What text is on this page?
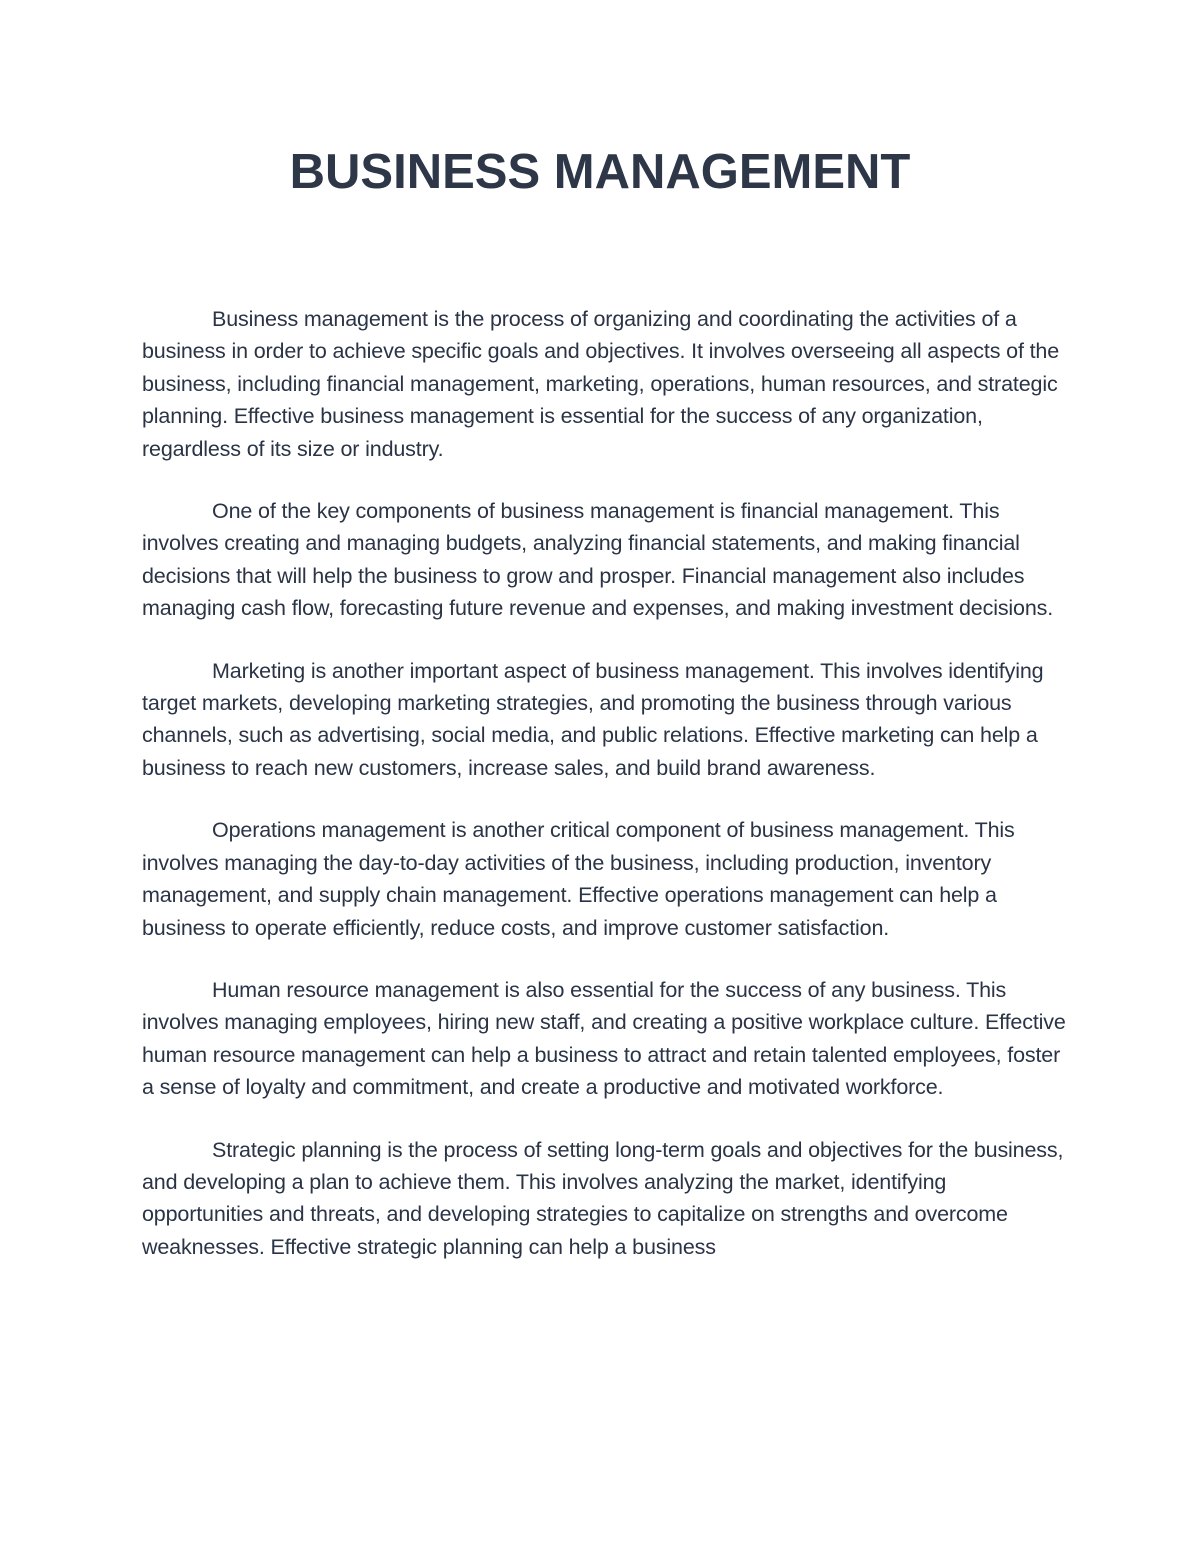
BUSINESS MANAGEMENT

Business management is the process of organizing and coordinating the activities of a business in order to achieve specific goals and objectives. It involves overseeing all aspects of the business, including financial management, marketing, operations, human resources, and strategic planning. Effective business management is essential for the success of any organization, regardless of its size or industry.

One of the key components of business management is financial management. This involves creating and managing budgets, analyzing financial statements, and making financial decisions that will help the business to grow and prosper. Financial management also includes managing cash flow, forecasting future revenue and expenses, and making investment decisions.

Marketing is another important aspect of business management. This involves identifying target markets, developing marketing strategies, and promoting the business through various channels, such as advertising, social media, and public relations. Effective marketing can help a business to reach new customers, increase sales, and build brand awareness.

Operations management is another critical component of business management. This involves managing the day-to-day activities of the business, including production, inventory management, and supply chain management. Effective operations management can help a business to operate efficiently, reduce costs, and improve customer satisfaction.

Human resource management is also essential for the success of any business. This involves managing employees, hiring new staff, and creating a positive workplace culture. Effective human resource management can help a business to attract and retain talented employees, foster a sense of loyalty and commitment, and create a productive and motivated workforce.

Strategic planning is the process of setting long-term goals and objectives for the business, and developing a plan to achieve them. This involves analyzing the market, identifying opportunities and threats, and developing strategies to capitalize on strengths and overcome weaknesses. Effective strategic planning can help a business
